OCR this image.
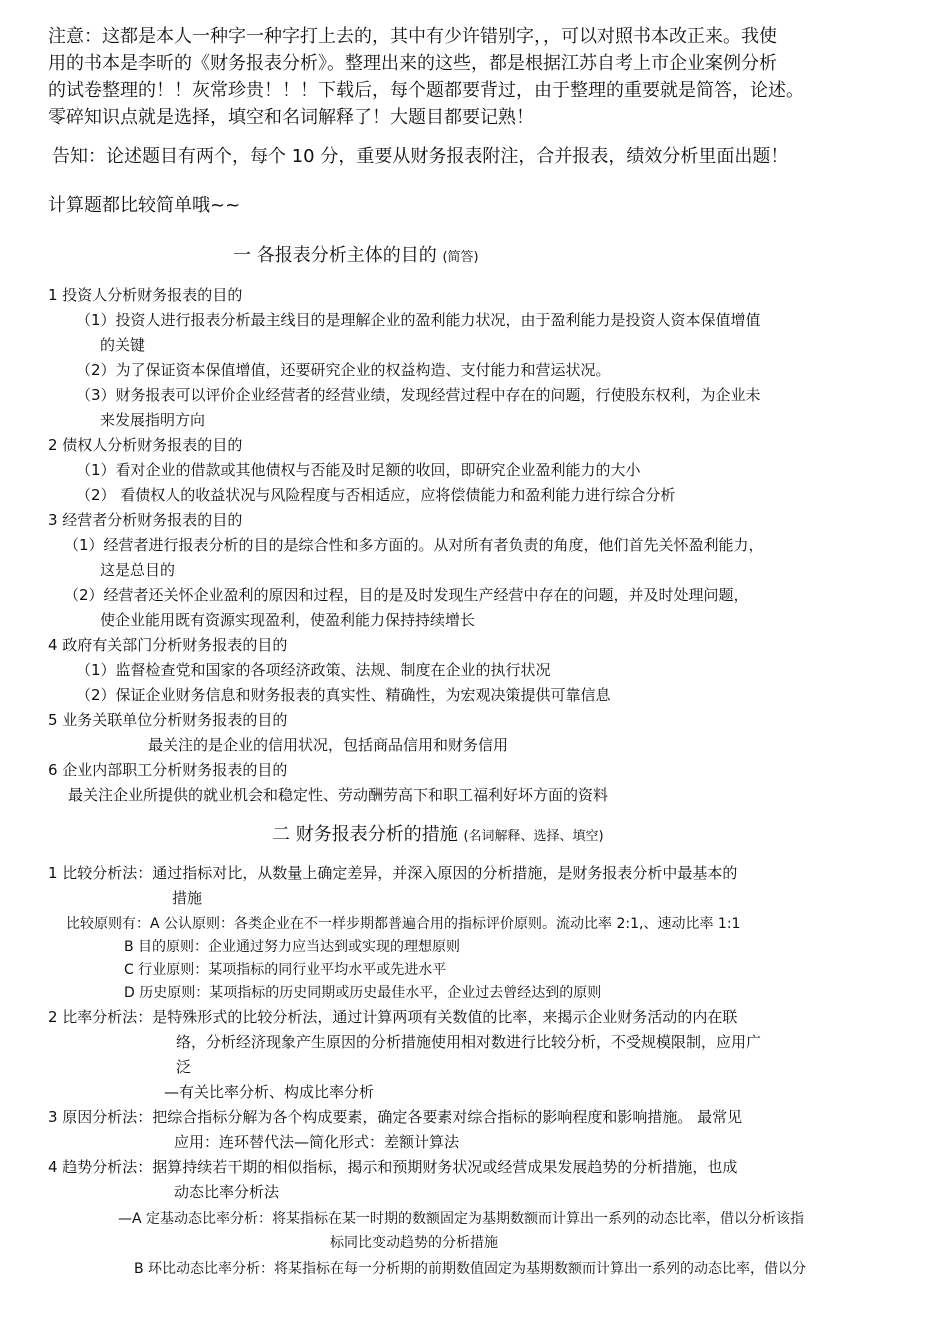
注意：这都是本人一种字一种字打上去的，其中有少许错别字，，可以对照书本改正来。我使
用的书本是李昕的《财务报表分析》。整理出来的这些，都是根据江苏自考上市企业案例分析
的试卷整理的！！灰常珍贵！！！下载后，每个题都要背过，由于整理的重要就是简答，论述。
零碎知识点就是选择，填空和名词解释了！大题目都要记熟！
告知：论述题目有两个，每个 10 分，重要从财务报表附注，合并报表，绩效分析里面出题！
计算题都比较简单哦~~
一 各报表分析主体的目的 (简答)
1 投资人分析财务报表的目的
（1）投资人进行报表分析最主线目的是理解企业的盈利能力状况，由于盈利能力是投资人资本保值增值
的关键
（2）为了保证资本保值增值，还要研究企业的权益构造、支付能力和营运状况。
（3）财务报表可以评价企业经营者的经营业绩，发现经营过程中存在的问题，行使股东权利，为企业未
来发展指明方向
2 债权人分析财务报表的目的
（1）看对企业的借款或其他债权与否能及时足额的收回，即研究企业盈利能力的大小
（2） 看债权人的收益状况与风险程度与否相适应，应将偿债能力和盈利能力进行综合分析
3 经营者分析财务报表的目的
（1）经营者进行报表分析的目的是综合性和多方面的。从对所有者负责的角度，他们首先关怀盈利能力，
这是总目的
（2）经营者还关怀企业盈利的原因和过程，目的是及时发现生产经营中存在的问题，并及时处理问题，
使企业能用既有资源实现盈利，使盈利能力保持持续增长
4 政府有关部门分析财务报表的目的
（1）监督检查党和国家的各项经济政策、法规、制度在企业的执行状况
（2）保证企业财务信息和财务报表的真实性、精确性，为宏观决策提供可靠信息
5 业务关联单位分析财务报表的目的
最关注的是企业的信用状况，包括商品信用和财务信用
6 企业内部职工分析财务报表的目的
最关注企业所提供的就业机会和稳定性、劳动酬劳高下和职工福利好坏方面的资料
二 财务报表分析的措施 (名词解释、选择、填空)
1 比较分析法：通过指标对比，从数量上确定差异，并深入原因的分析措施，是财务报表分析中最基本的
措施
比较原则有：A 公认原则：各类企业在不一样步期都普遍合用的指标评价原则。流动比率 2:1,、速动比率 1:1
B 目的原则：企业通过努力应当达到或实现的理想原则
C 行业原则：某项指标的同行业平均水平或先进水平
D 历史原则：某项指标的历史同期或历史最佳水平，企业过去曾经达到的原则
2 比率分析法：是特殊形式的比较分析法，通过计算两项有关数值的比率，来揭示企业财务活动的内在联
络，分析经济现象产生原因的分析措施使用相对数进行比较分析，不受规模限制，应用广
泛
—有关比率分析、构成比率分析
3 原因分析法：把综合指标分解为各个构成要素，确定各要素对综合指标的影响程度和影响措施。 最常见
应用：连环替代法—简化形式：差额计算法
4 趋势分析法：据算持续若干期的相似指标，揭示和预期财务状况或经营成果发展趋势的分析措施，也成
动态比率分析法
—A 定基动态比率分析：将某指标在某一时期的数额固定为基期数额而计算出一系列的动态比率，借以分析该指
标同比变动趋势的分析措施
B 环比动态比率分析：将某指标在每一分析期的前期数值固定为基期数额而计算出一系列的动态比率，借以分
